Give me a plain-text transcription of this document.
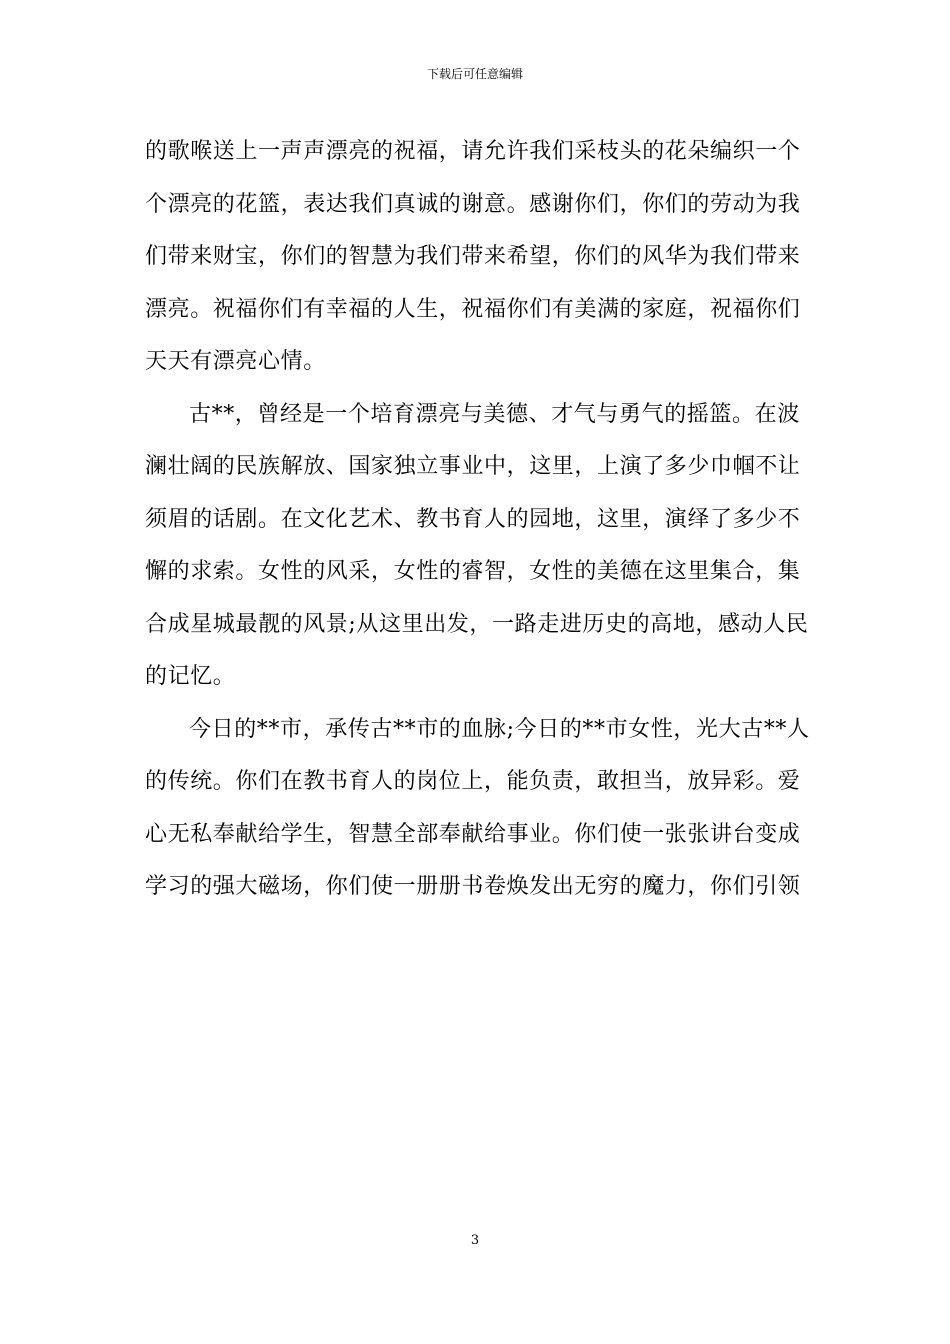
下载后可任意编辑
的歌喉送上一声声漂亮的祝福，请允许我们采枝头的花朵编织一个
个漂亮的花篮，表达我们真诚的谢意。感谢你们，你们的劳动为我
们带来财宝，你们的智慧为我们带来希望，你们的风华为我们带来
漂亮。祝福你们有幸福的人生，祝福你们有美满的家庭，祝福你们
天天有漂亮心情。
古**，曾经是一个培育漂亮与美德、才气与勇气的摇篮。在波
澜壮阔的民族解放、国家独立事业中，这里，上演了多少巾帼不让
须眉的话剧。在文化艺术、教书育人的园地，这里，演绎了多少不
懈的求索。女性的风采，女性的睿智，女性的美德在这里集合，集
合成星城最靓的风景;从这里出发，一路走进历史的高地，感动人民
的记忆。
今日的**市，承传古**市的血脉;今日的**市女性，光大古**人
的传统。你们在教书育人的岗位上，能负责，敢担当，放异彩。爱
心无私奉献给学生，智慧全部奉献给事业。你们使一张张讲台变成
学习的强大磁场，你们使一册册书卷焕发出无穷的魔力，你们引领
3
